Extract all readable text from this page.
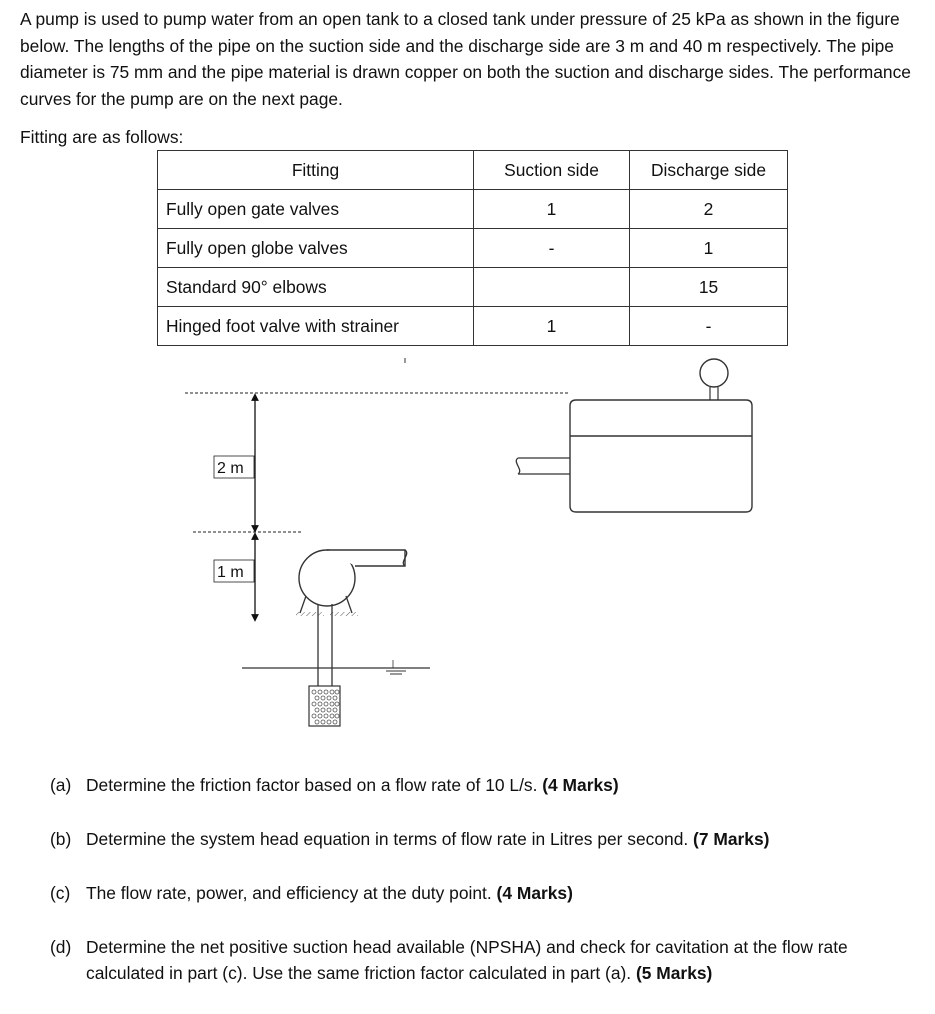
A pump is used to pump water from an open tank to a closed tank under pressure of 25 kPa as shown in the figure below. The lengths of the pipe on the suction side and the discharge side are 3 m and 40 m respectively. The pipe diameter is 75 mm and the pipe material is drawn copper on both the suction and discharge sides. The performance curves for the pump are on the next page.

Fitting are as follows:

Fitting	Suction side	Discharge side
Fully open gate valves	1	2
Fully open globe valves	-	1
Standard 90° elbows		15
Hinged foot valve with strainer	1	-
2 m
1 m
(a) Determine the friction factor based on a flow rate of 10 L/s. (4 Marks)
(b) Determine the system head equation in terms of flow rate in Litres per second. (7 Marks)
(c) The flow rate, power, and efficiency at the duty point. (4 Marks)
(d) Determine the net positive suction head available (NPSHA) and check for cavitation at the flow rate calculated in part (c). Use the same friction factor calculated in part (a). (5 Marks)
